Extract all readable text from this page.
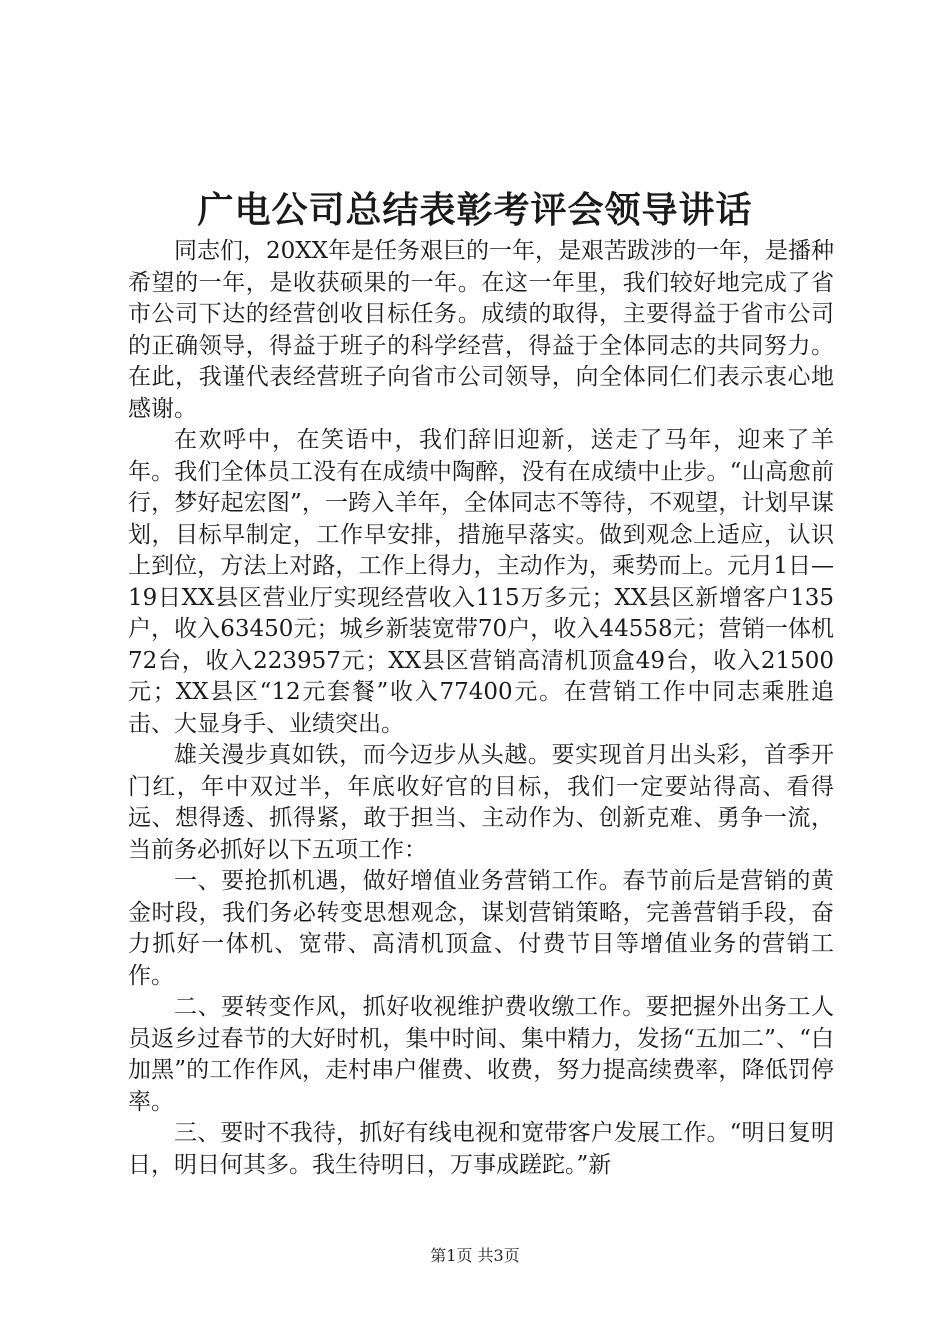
广电公司总结表彰考评会领导讲话

同志们，20XX年是任务艰巨的一年，是艰苦跋涉的一年，是播种希望的一年，是收获硕果的一年。在这一年里，我们较好地完成了省市公司下达的经营创收目标任务。成绩的取得，主要得益于省市公司的正确领导，得益于班子的科学经营，得益于全体同志的共同努力。在此，我谨代表经营班子向省市公司领导，向全体同仁们表示衷心地感谢。

在欢呼中，在笑语中，我们辞旧迎新，送走了马年，迎来了羊年。我们全体员工没有在成绩中陶醉，没有在成绩中止步。“山高愈前行，梦好起宏图”，一跨入羊年，全体同志不等待，不观望，计划早谋划，目标早制定，工作早安排，措施早落实。做到观念上适应，认识上到位，方法上对路，工作上得力，主动作为，乘势而上。元月1日—19日XX县区营业厅实现经营收入115万多元；XX县区新增客户135户，收入63450元；城乡新装宽带70户，收入44558元；营销一体机72台，收入223957元；XX县区营销高清机顶盒49台，收入21500元；XX县区“12元套餐”收入77400元。在营销工作中同志乘胜追击、大显身手、业绩突出。

雄关漫步真如铁，而今迈步从头越。要实现首月出头彩，首季开门红，年中双过半，年底收好官的目标，我们一定要站得高、看得远、想得透、抓得紧，敢于担当、主动作为、创新克难、勇争一流，当前务必抓好以下五项工作：

一、要抢抓机遇，做好增值业务营销工作。春节前后是营销的黄金时段，我们务必转变思想观念，谋划营销策略，完善营销手段，奋力抓好一体机、宽带、高清机顶盒、付费节目等增值业务的营销工作。

二、要转变作风，抓好收视维护费收缴工作。要把握外出务工人员返乡过春节的大好时机，集中时间、集中精力，发扬“五加二”、“白加黑”的工作作风，走村串户催费、收费，努力提高续费率，降低罚停率。

三、要时不我待，抓好有线电视和宽带客户发展工作。“明日复明日，明日何其多。我生待明日，万事成蹉跎。”新

第1页 共3页
